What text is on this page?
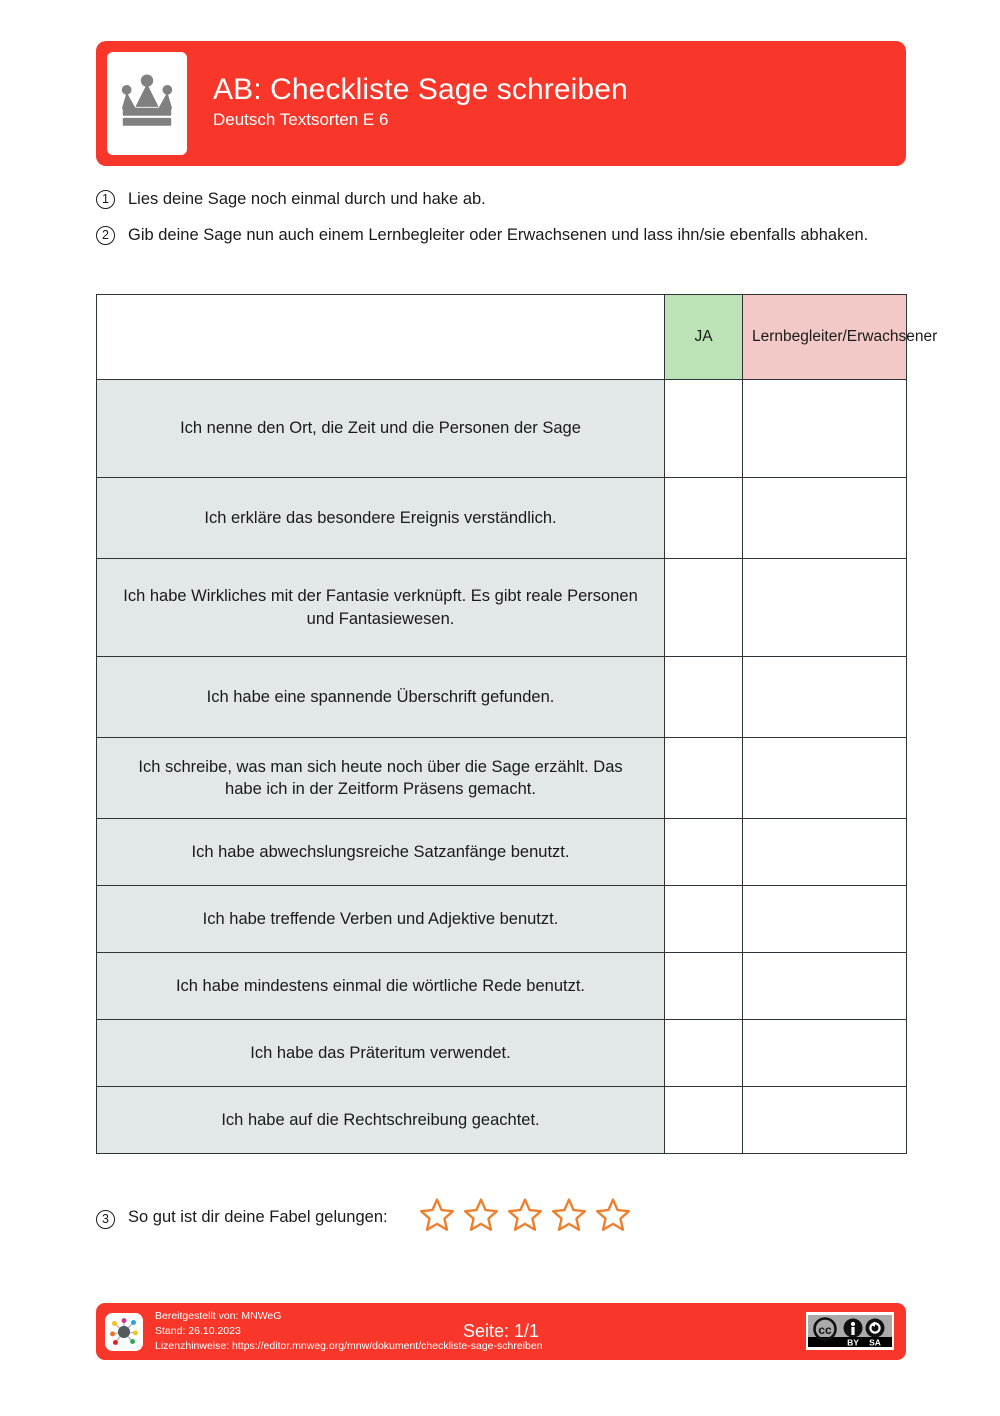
AB: Checkliste Sage schreiben
Deutsch Textsorten E 6
1	Lies deine Sage noch einmal durch und hake ab.
2	Gib deine Sage nun auch einem Lernbegleiter oder Erwachsenen und lass ihn/sie ebenfalls abhaken.
	JA	Lernbegleiter/Erwachsener
Ich nenne den Ort, die Zeit und die Personen der Sage		
Ich erkläre das besondere Ereignis verständlich.		
Ich habe Wirkliches mit der Fantasie verknüpft. Es gibt reale Personen und Fantasiewesen.		
Ich habe eine spannende Überschrift gefunden.		
Ich schreibe, was man sich heute noch über die Sage erzählt. Das habe ich in der Zeitform Präsens gemacht.		
Ich habe abwechslungsreiche Satzanfänge benutzt.		
Ich habe treffende Verben und Adjektive benutzt.		
Ich habe mindestens einmal die wörtliche Rede benutzt.		
Ich habe das Präteritum verwendet.		
Ich habe auf die Rechtschreibung geachtet.		
3	So gut ist dir deine Fabel gelungen:
Bereitgestellt von: MNWeG
Stand: 26.10.2023
Lizenzhinweise: https://editor.mnweg.org/mnw/dokument/checkliste-sage-schreiben
Seite: 1/1	cc
BY SA
